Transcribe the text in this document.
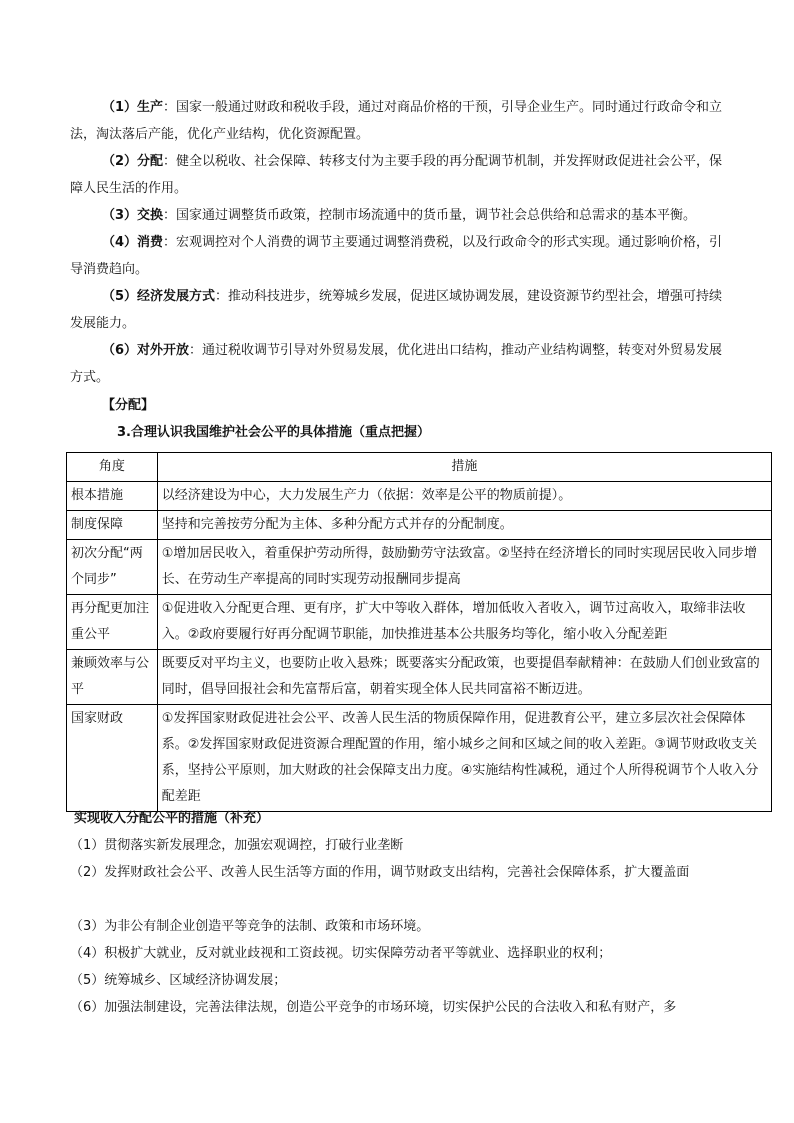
（1）生产：国家一般通过财政和税收手段，通过对商品价格的干预，引导企业生产。同时通过行政命令和立法，淘汰落后产能，优化产业结构，优化资源配置。

（2）分配：健全以税收、社会保障、转移支付为主要手段的再分配调节机制，并发挥财政促进社会公平，保障人民生活的作用。

（3）交换：国家通过调整货币政策，控制市场流通中的货币量，调节社会总供给和总需求的基本平衡。

（4）消费：宏观调控对个人消费的调节主要通过调整消费税，以及行政命令的形式实现。通过影响价格，引导消费趋向。

（5）经济发展方式：推动科技进步，统筹城乡发展，促进区域协调发展，建设资源节约型社会，增强可持续发展能力。

（6）对外开放：通过税收调节引导对外贸易发展，优化进出口结构，推动产业结构调整，转变对外贸易发展方式。

【分配】
3.合理认识我国维护社会公平的具体措施（重点把握）
角度	措施
根本措施	以经济建设为中心，大力发展生产力（依据：效率是公平的物质前提）。
制度保障	坚持和完善按劳分配为主体、多种分配方式并存的分配制度。
初次分配“两个同步”	①增加居民收入，着重保护劳动所得，鼓励勤劳守法致富。②坚持在经济增长的同时实现居民收入同步增长、在劳动生产率提高的同时实现劳动报酬同步提高
再分配更加注重公平	①促进收入分配更合理、更有序，扩大中等收入群体，增加低收入者收入，调节过高收入，取缔非法收入。②政府要履行好再分配调节职能，加快推进基本公共服务均等化，缩小收入分配差距
兼顾效率与公平	既要反对平均主义，也要防止收入悬殊；既要落实分配政策，也要提倡奉献精神：在鼓励人们创业致富的同时，倡导回报社会和先富帮后富，朝着实现全体人民共同富裕不断迈进。
国家财政	①发挥国家财政促进社会公平、改善人民生活的物质保障作用，促进教育公平，建立多层次社会保障体系。②发挥国家财政促进资源合理配置的作用，缩小城乡之间和区域之间的收入差距。③调节财政收支关系，坚持公平原则，加大财政的社会保障支出力度。④实施结构性减税，通过个人所得税调节个人收入分配差距
实现收入分配公平的措施（补充）

（1）贯彻落实新发展理念，加强宏观调控，打破行业垄断

（2）发挥财政社会公平、改善人民生活等方面的作用，调节财政支出结构，完善社会保障体系，扩大覆盖面

（3）为非公有制企业创造平等竞争的法制、政策和市场环境。

（4）积极扩大就业，反对就业歧视和工资歧视。切实保障劳动者平等就业、选择职业的权利；

（5）统筹城乡、区域经济协调发展；

（6）加强法制建设，完善法律法规，创造公平竞争的市场环境，切实保护公民的合法收入和私有财产，多
